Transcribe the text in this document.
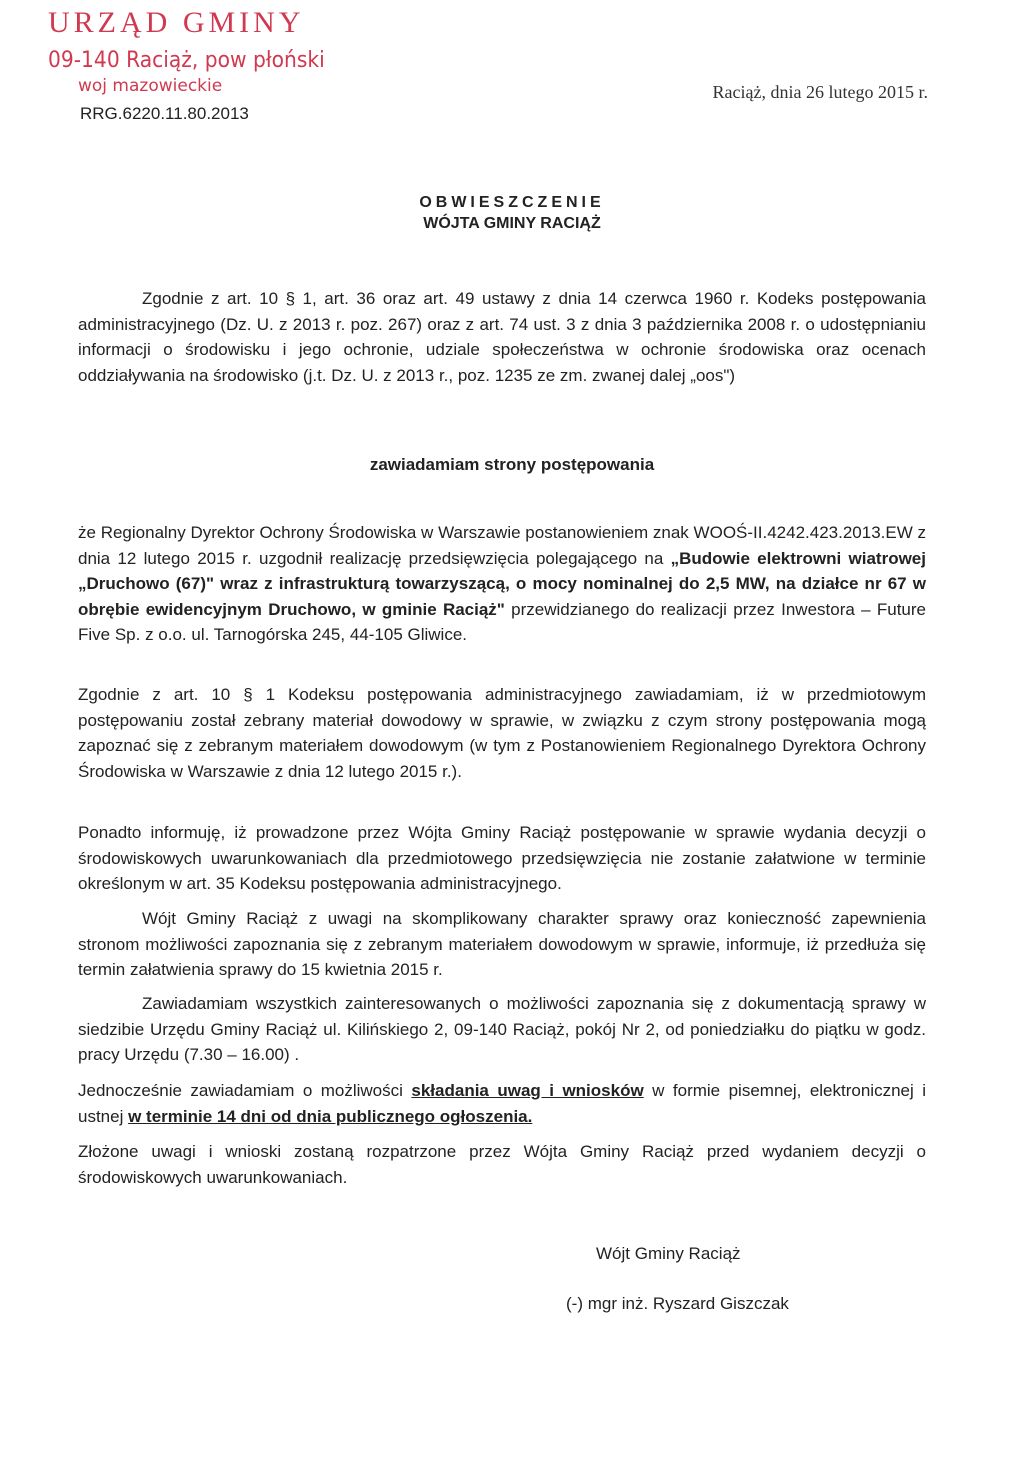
URZĄD GMINY
09-140 Raciąż, pow płoński
woj mazowieckie
RRG.6220.11.80.2013
Raciąż, dnia 26 lutego 2015 r.
OBWIESZCZENIE
WÓJTA GMINY RACIĄŻ

Zgodnie z art. 10 § 1, art. 36 oraz art. 49 ustawy z dnia 14 czerwca 1960 r. Kodeks postępowania administracyjnego (Dz. U. z 2013 r. poz. 267) oraz z art. 74 ust. 3 z dnia 3 października 2008 r. o udostępnianiu informacji o środowisku i jego ochronie, udziale społeczeństwa w ochronie środowiska oraz ocenach oddziaływania na środowisko (j.t. Dz. U. z 2013 r., poz. 1235 ze zm. zwanej dalej „oos")

zawiadamiam strony postępowania

że Regionalny Dyrektor Ochrony Środowiska w Warszawie postanowieniem znak WOOŚ-II.4242.423.2013.EW z dnia 12 lutego 2015 r. uzgodnił realizację przedsięwzięcia polegającego na „Budowie elektrowni wiatrowej „Druchowo (67)" wraz z infrastrukturą towarzyszącą, o mocy nominalnej do 2,5 MW, na działce nr 67 w obrębie ewidencyjnym Druchowo, w gminie Raciąż" przewidzianego do realizacji przez Inwestora – Future Five Sp. z o.o. ul. Tarnogórska 245, 44-105 Gliwice.

Zgodnie z art. 10 § 1 Kodeksu postępowania administracyjnego zawiadamiam, iż w przedmiotowym postępowaniu został zebrany materiał dowodowy w sprawie, w związku z czym strony postępowania mogą zapoznać się z zebranym materiałem dowodowym (w tym z Postanowieniem Regionalnego Dyrektora Ochrony Środowiska w Warszawie z dnia 12 lutego 2015 r.).

Ponadto informuję, iż prowadzone przez Wójta Gminy Raciąż postępowanie w sprawie wydania decyzji o środowiskowych uwarunkowaniach dla przedmiotowego przedsięwzięcia nie zostanie załatwione w terminie określonym w art. 35 Kodeksu postępowania administracyjnego.

Wójt Gminy Raciąż z uwagi na skomplikowany charakter sprawy oraz konieczność zapewnienia stronom możliwości zapoznania się z zebranym materiałem dowodowym w sprawie, informuje, iż przedłuża się termin załatwienia sprawy do 15 kwietnia 2015 r.

Zawiadamiam wszystkich zainteresowanych o możliwości zapoznania się z dokumentacją sprawy w siedzibie Urzędu Gminy Raciąż ul. Kilińskiego 2, 09-140 Raciąż, pokój Nr 2, od poniedziałku do piątku w godz. pracy Urzędu (7.30 – 16.00) .

Jednocześnie zawiadamiam o możliwości składania uwag i wniosków w formie pisemnej, elektronicznej i ustnej w terminie 14 dni od dnia publicznego ogłoszenia.

Złożone uwagi i wnioski zostaną rozpatrzone przez Wójta Gminy Raciąż przed wydaniem decyzji o środowiskowych uwarunkowaniach.

Wójt Gminy Raciąż
(-) mgr inż. Ryszard Giszczak
